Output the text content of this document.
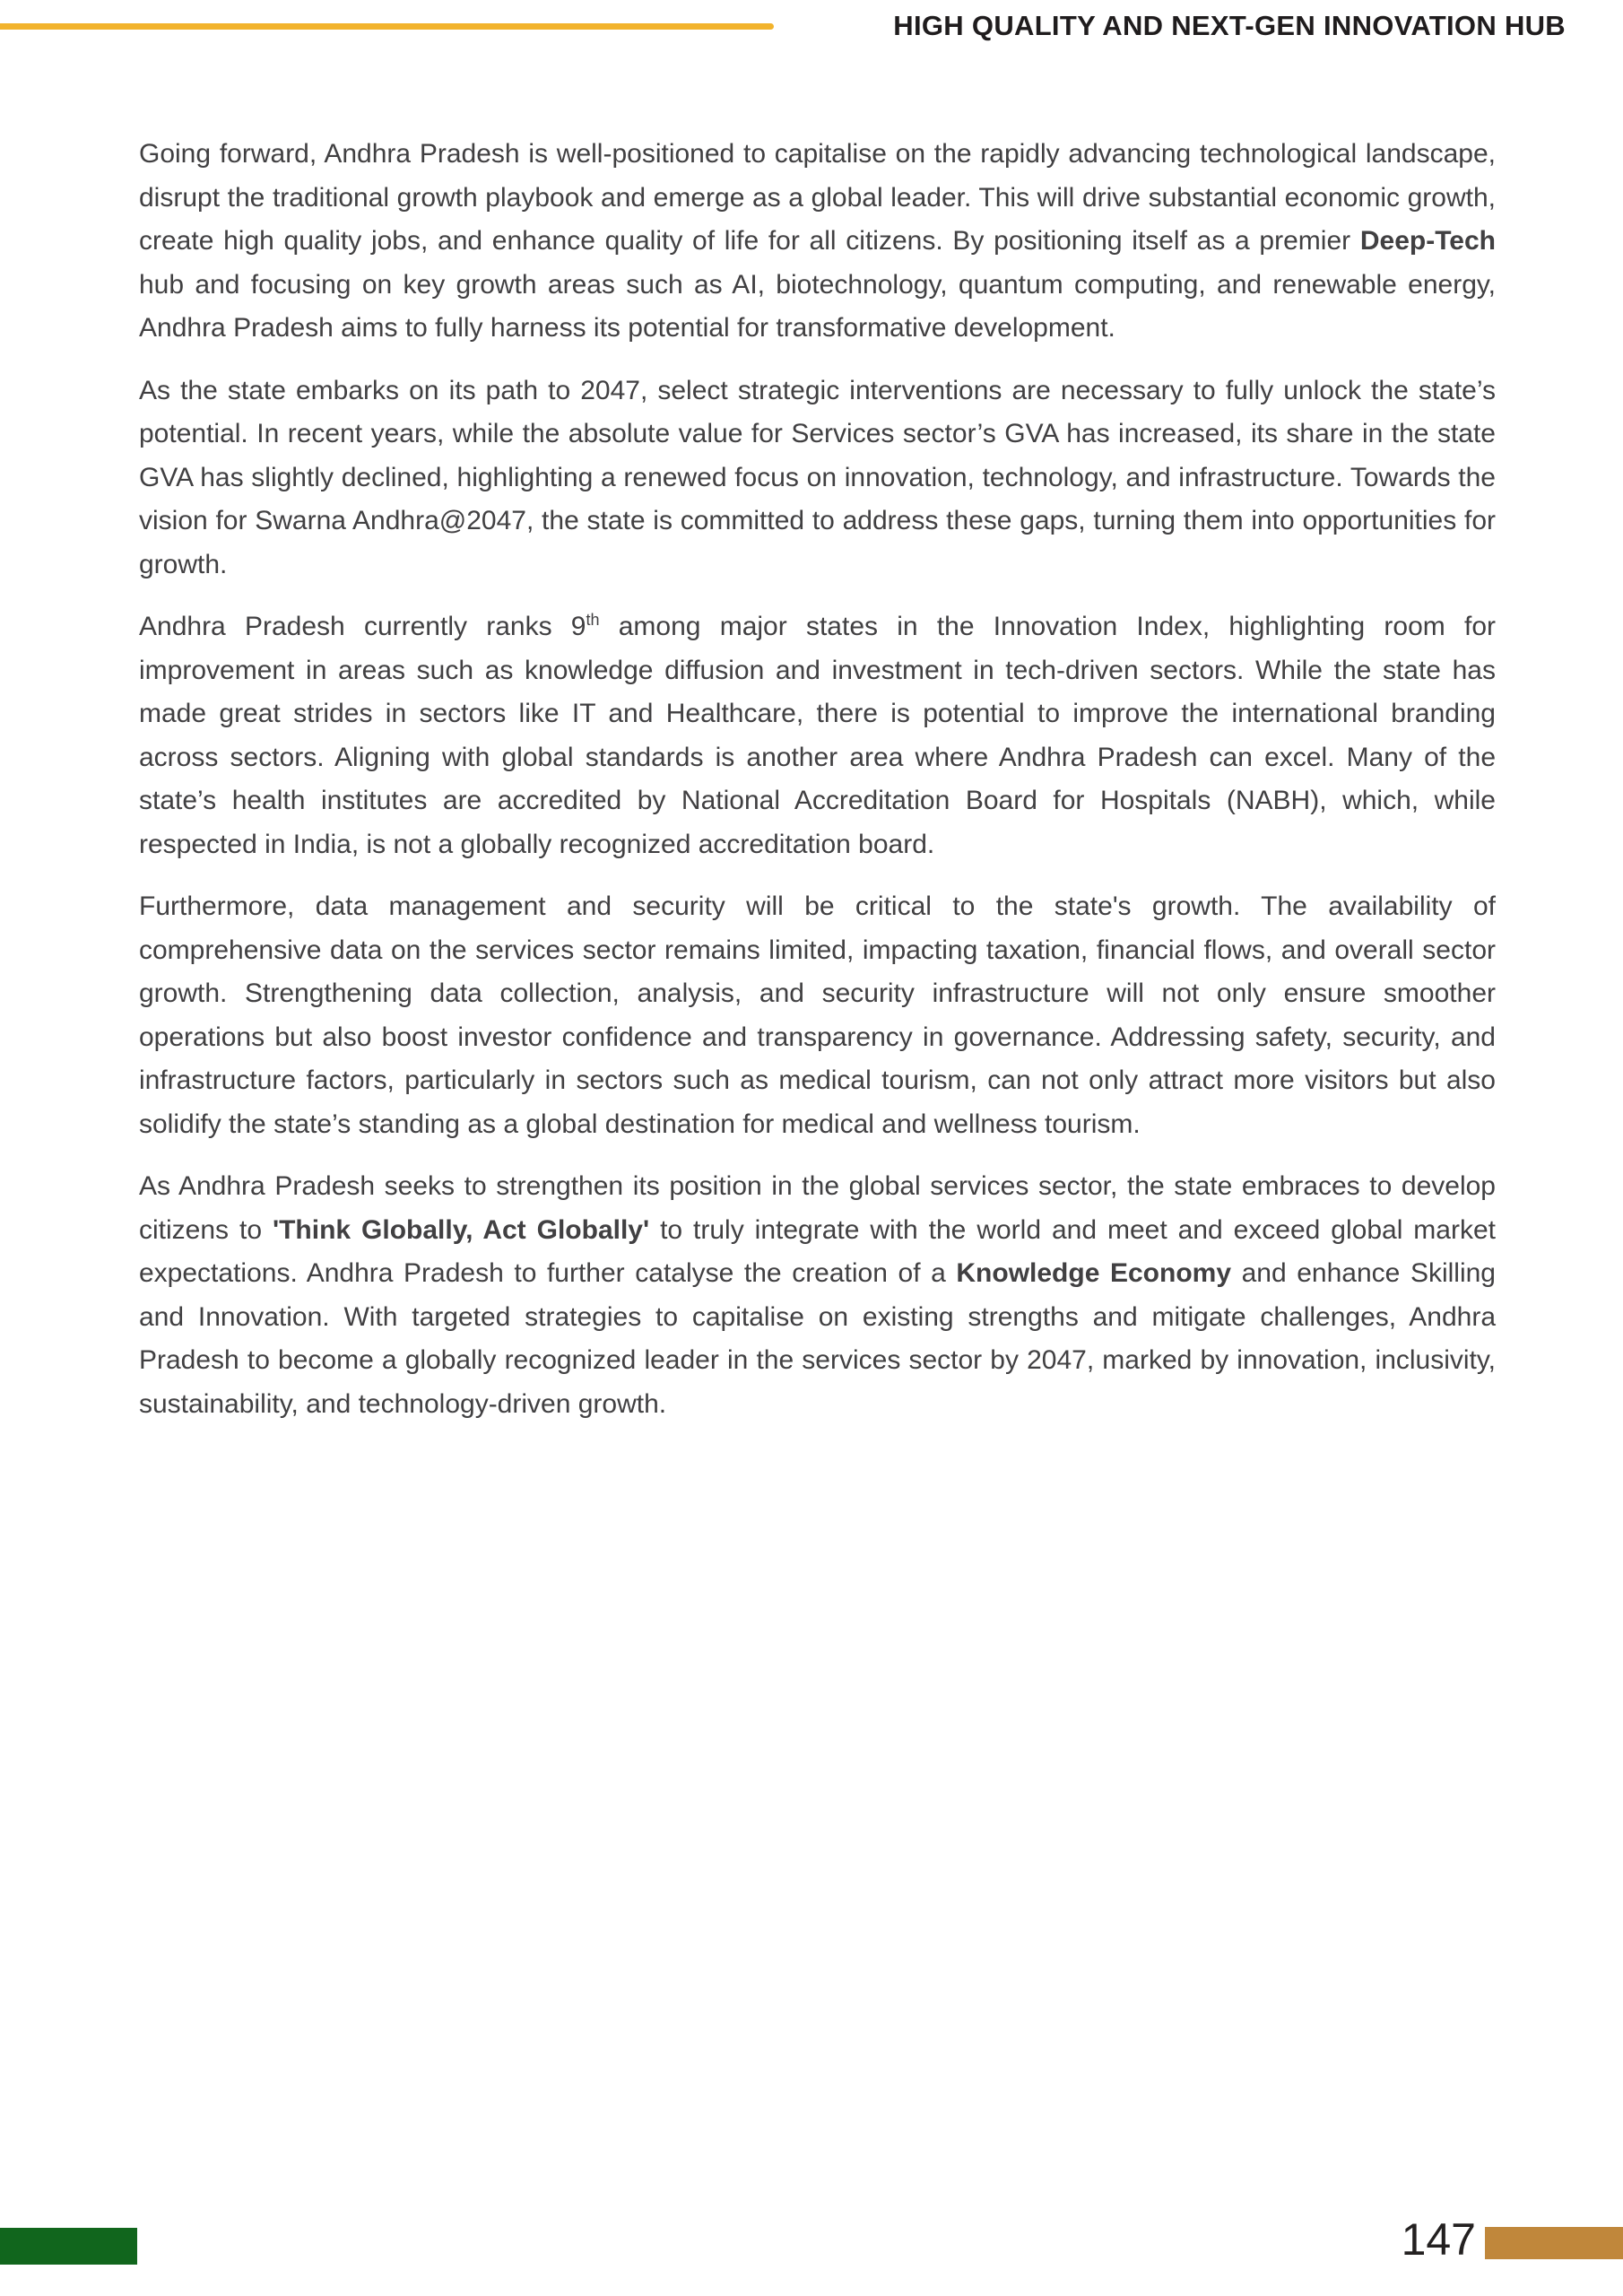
HIGH QUALITY AND NEXT-GEN INNOVATION HUB

Going forward, Andhra Pradesh is well-positioned to capitalise on the rapidly advancing technological landscape, disrupt the traditional growth playbook and emerge as a global leader. This will drive substantial economic growth, create high quality jobs, and enhance quality of life for all citizens. By positioning itself as a premier Deep-Tech hub and focusing on key growth areas such as AI, biotechnology, quantum computing, and renewable energy, Andhra Pradesh aims to fully harness its potential for transformative development.

As the state embarks on its path to 2047, select strategic interventions are necessary to fully unlock the state’s potential. In recent years, while the absolute value for Services sector’s GVA has increased, its share in the state GVA has slightly declined, highlighting a renewed focus on innovation, technology, and infrastructure. Towards the vision for Swarna Andhra@2047, the state is committed to address these gaps, turning them into opportunities for growth.

Andhra Pradesh currently ranks 9th among major states in the Innovation Index, highlighting room for improvement in areas such as knowledge diffusion and investment in tech-driven sectors. While the state has made great strides in sectors like IT and Healthcare, there is potential to improve the international branding across sectors. Aligning with global standards is another area where Andhra Pradesh can excel. Many of the state’s health institutes are accredited by National Accreditation Board for Hospitals (NABH), which, while respected in India, is not a globally recognized accreditation board.

Furthermore, data management and security will be critical to the state's growth. The availability of comprehensive data on the services sector remains limited, impacting taxation, financial flows, and overall sector growth. Strengthening data collection, analysis, and security infrastructure will not only ensure smoother operations but also boost investor confidence and transparency in governance. Addressing safety, security, and infrastructure factors, particularly in sectors such as medical tourism, can not only attract more visitors but also solidify the state’s standing as a global destination for medical and wellness tourism.

As Andhra Pradesh seeks to strengthen its position in the global services sector, the state embraces to develop citizens to 'Think Globally, Act Globally' to truly integrate with the world and meet and exceed global market expectations. Andhra Pradesh to further catalyse the creation of a Knowledge Economy and enhance Skilling and Innovation. With targeted strategies to capitalise on existing strengths and mitigate challenges, Andhra Pradesh to become a globally recognized leader in the services sector by 2047, marked by innovation, inclusivity, sustainability, and technology-driven growth.

147
